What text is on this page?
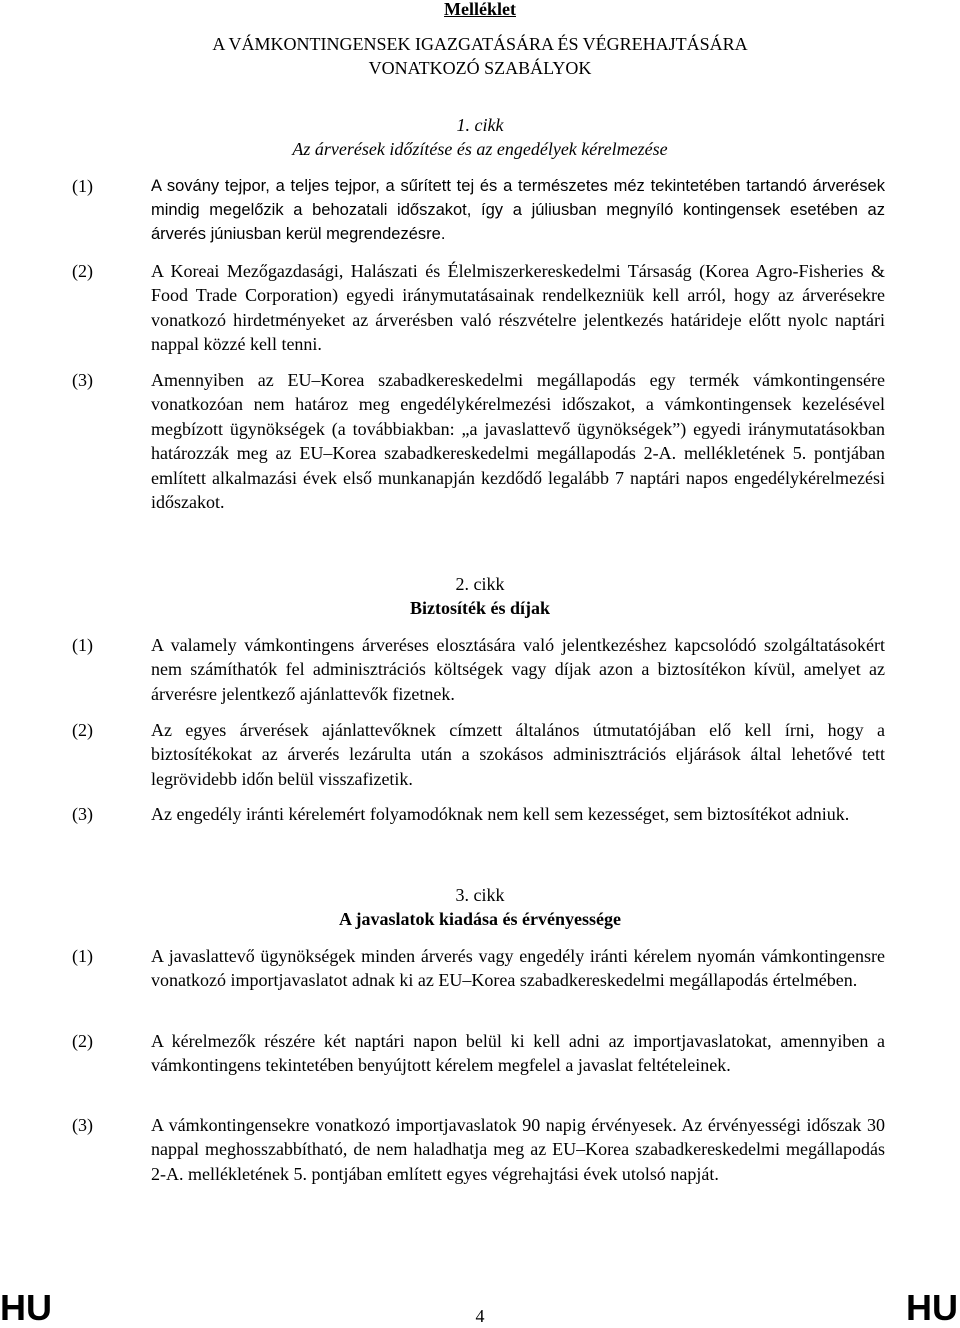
Melléklet
A VÁMKONTINGENSEK IGAZGATÁSÁRA ÉS VÉGREHAJTÁSÁRA
VONATKOZÓ SZABÁLYOK
1. cikk
Az árverések időzítése és az engedélyek kérelmezése
(1)	A sovány tejpor, a teljes tejpor, a sűrített tej és a természetes méz tekintetében tartandó árverések mindig megelőzik a behozatali időszakot, így a júliusban megnyíló kontingensek esetében az árverés júniusban kerül megrendezésre.
(2)	A Koreai Mezőgazdasági, Halászati és Élelmiszerkereskedelmi Társaság (Korea Agro-Fisheries & Food Trade Corporation) egyedi iránymutatásainak rendelkezniük kell arról, hogy az árverésekre vonatkozó hirdetményeket az árverésben való részvételre jelentkezés határideje előtt nyolc naptári nappal közzé kell tenni.
(3)	Amennyiben az EU–Korea szabadkereskedelmi megállapodás egy termék vámkontingensére vonatkozóan nem határoz meg engedélykérelmezési időszakot, a vámkontingensek kezelésével megbízott ügynökségek (a továbbiakban: „a javaslattevő ügynökségek”) egyedi iránymutatásokban határozzák meg az EU–Korea szabadkereskedelmi megállapodás 2-A. mellékletének 5. pontjában említett alkalmazási évek első munkanapján kezdődő legalább 7 naptári napos engedélykérelmezési időszakot.
2. cikk
Biztosíték és díjak
(1)	A valamely vámkontingens árveréses elosztására való jelentkezéshez kapcsolódó szolgáltatásokért nem számíthatók fel adminisztrációs költségek vagy díjak azon a biztosítékon kívül, amelyet az árverésre jelentkező ajánlattevők fizetnek.
(2)	Az egyes árverések ajánlattevőknek címzett általános útmutatójában elő kell írni, hogy a biztosítékokat az árverés lezárulta után a szokásos adminisztrációs eljárások által lehetővé tett legrövidebb időn belül visszafizetik.
(3)	Az engedély iránti kérelemért folyamodóknak nem kell sem kezességet, sem biztosítékot adniuk.
3. cikk
A javaslatok kiadása és érvényessége
(1)	A javaslattevő ügynökségek minden árverés vagy engedély iránti kérelem nyomán vámkontingensre vonatkozó importjavaslatot adnak ki az EU–Korea szabadkereskedelmi megállapodás értelmében.
(2)	A kérelmezők részére két naptári napon belül ki kell adni az importjavaslatokat, amennyiben a vámkontingens tekintetében benyújtott kérelem megfelel a javaslat feltételeinek.
(3)	A vámkontingensekre vonatkozó importjavaslatok 90 napig érvényesek. Az érvényességi időszak 30 nappal meghosszabbítható, de nem haladhatja meg az EU–Korea szabadkereskedelmi megállapodás 2-A. mellékletének 5. pontjában említett egyes végrehajtási évek utolsó napját.
HU	4	HU
